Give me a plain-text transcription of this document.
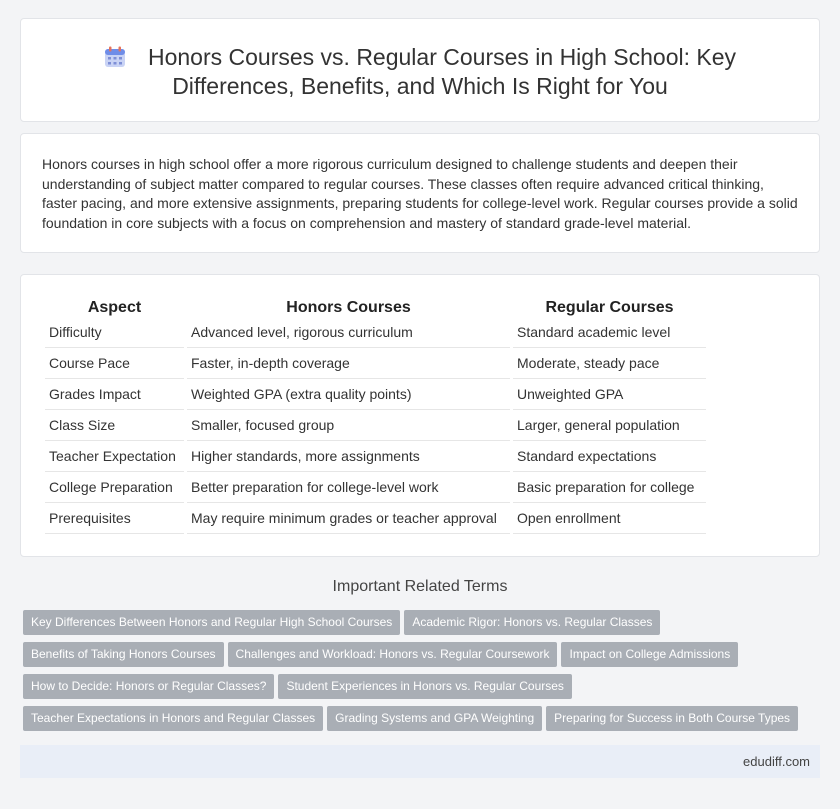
Honors Courses vs. Regular Courses in High School: Key Differences, Benefits, and Which Is Right for You

Honors courses in high school offer a more rigorous curriculum designed to challenge students and deepen their understanding of subject matter compared to regular courses. These classes often require advanced critical thinking, faster pacing, and more extensive assignments, preparing students for college-level work. Regular courses provide a solid foundation in core subjects with a focus on comprehension and mastery of standard grade-level material.

Aspect	Honors Courses	Regular Courses
Difficulty	Advanced level, rigorous curriculum	Standard academic level
Course Pace	Faster, in-depth coverage	Moderate, steady pace
Grades Impact	Weighted GPA (extra quality points)	Unweighted GPA
Class Size	Smaller, focused group	Larger, general population
Teacher Expectation	Higher standards, more assignments	Standard expectations
College Preparation	Better preparation for college-level work	Basic preparation for college
Prerequisites	May require minimum grades or teacher approval	Open enrollment
Important Related Terms
Key Differences Between Honors and Regular High School Courses Academic Rigor: Honors vs. Regular Classes
Benefits of Taking Honors Courses Challenges and Workload: Honors vs. Regular Coursework Impact on College Admissions
How to Decide: Honors or Regular Classes? Student Experiences in Honors vs. Regular Courses
Teacher Expectations in Honors and Regular Classes Grading Systems and GPA Weighting Preparing for Success in Both Course Types
edudiff.com
